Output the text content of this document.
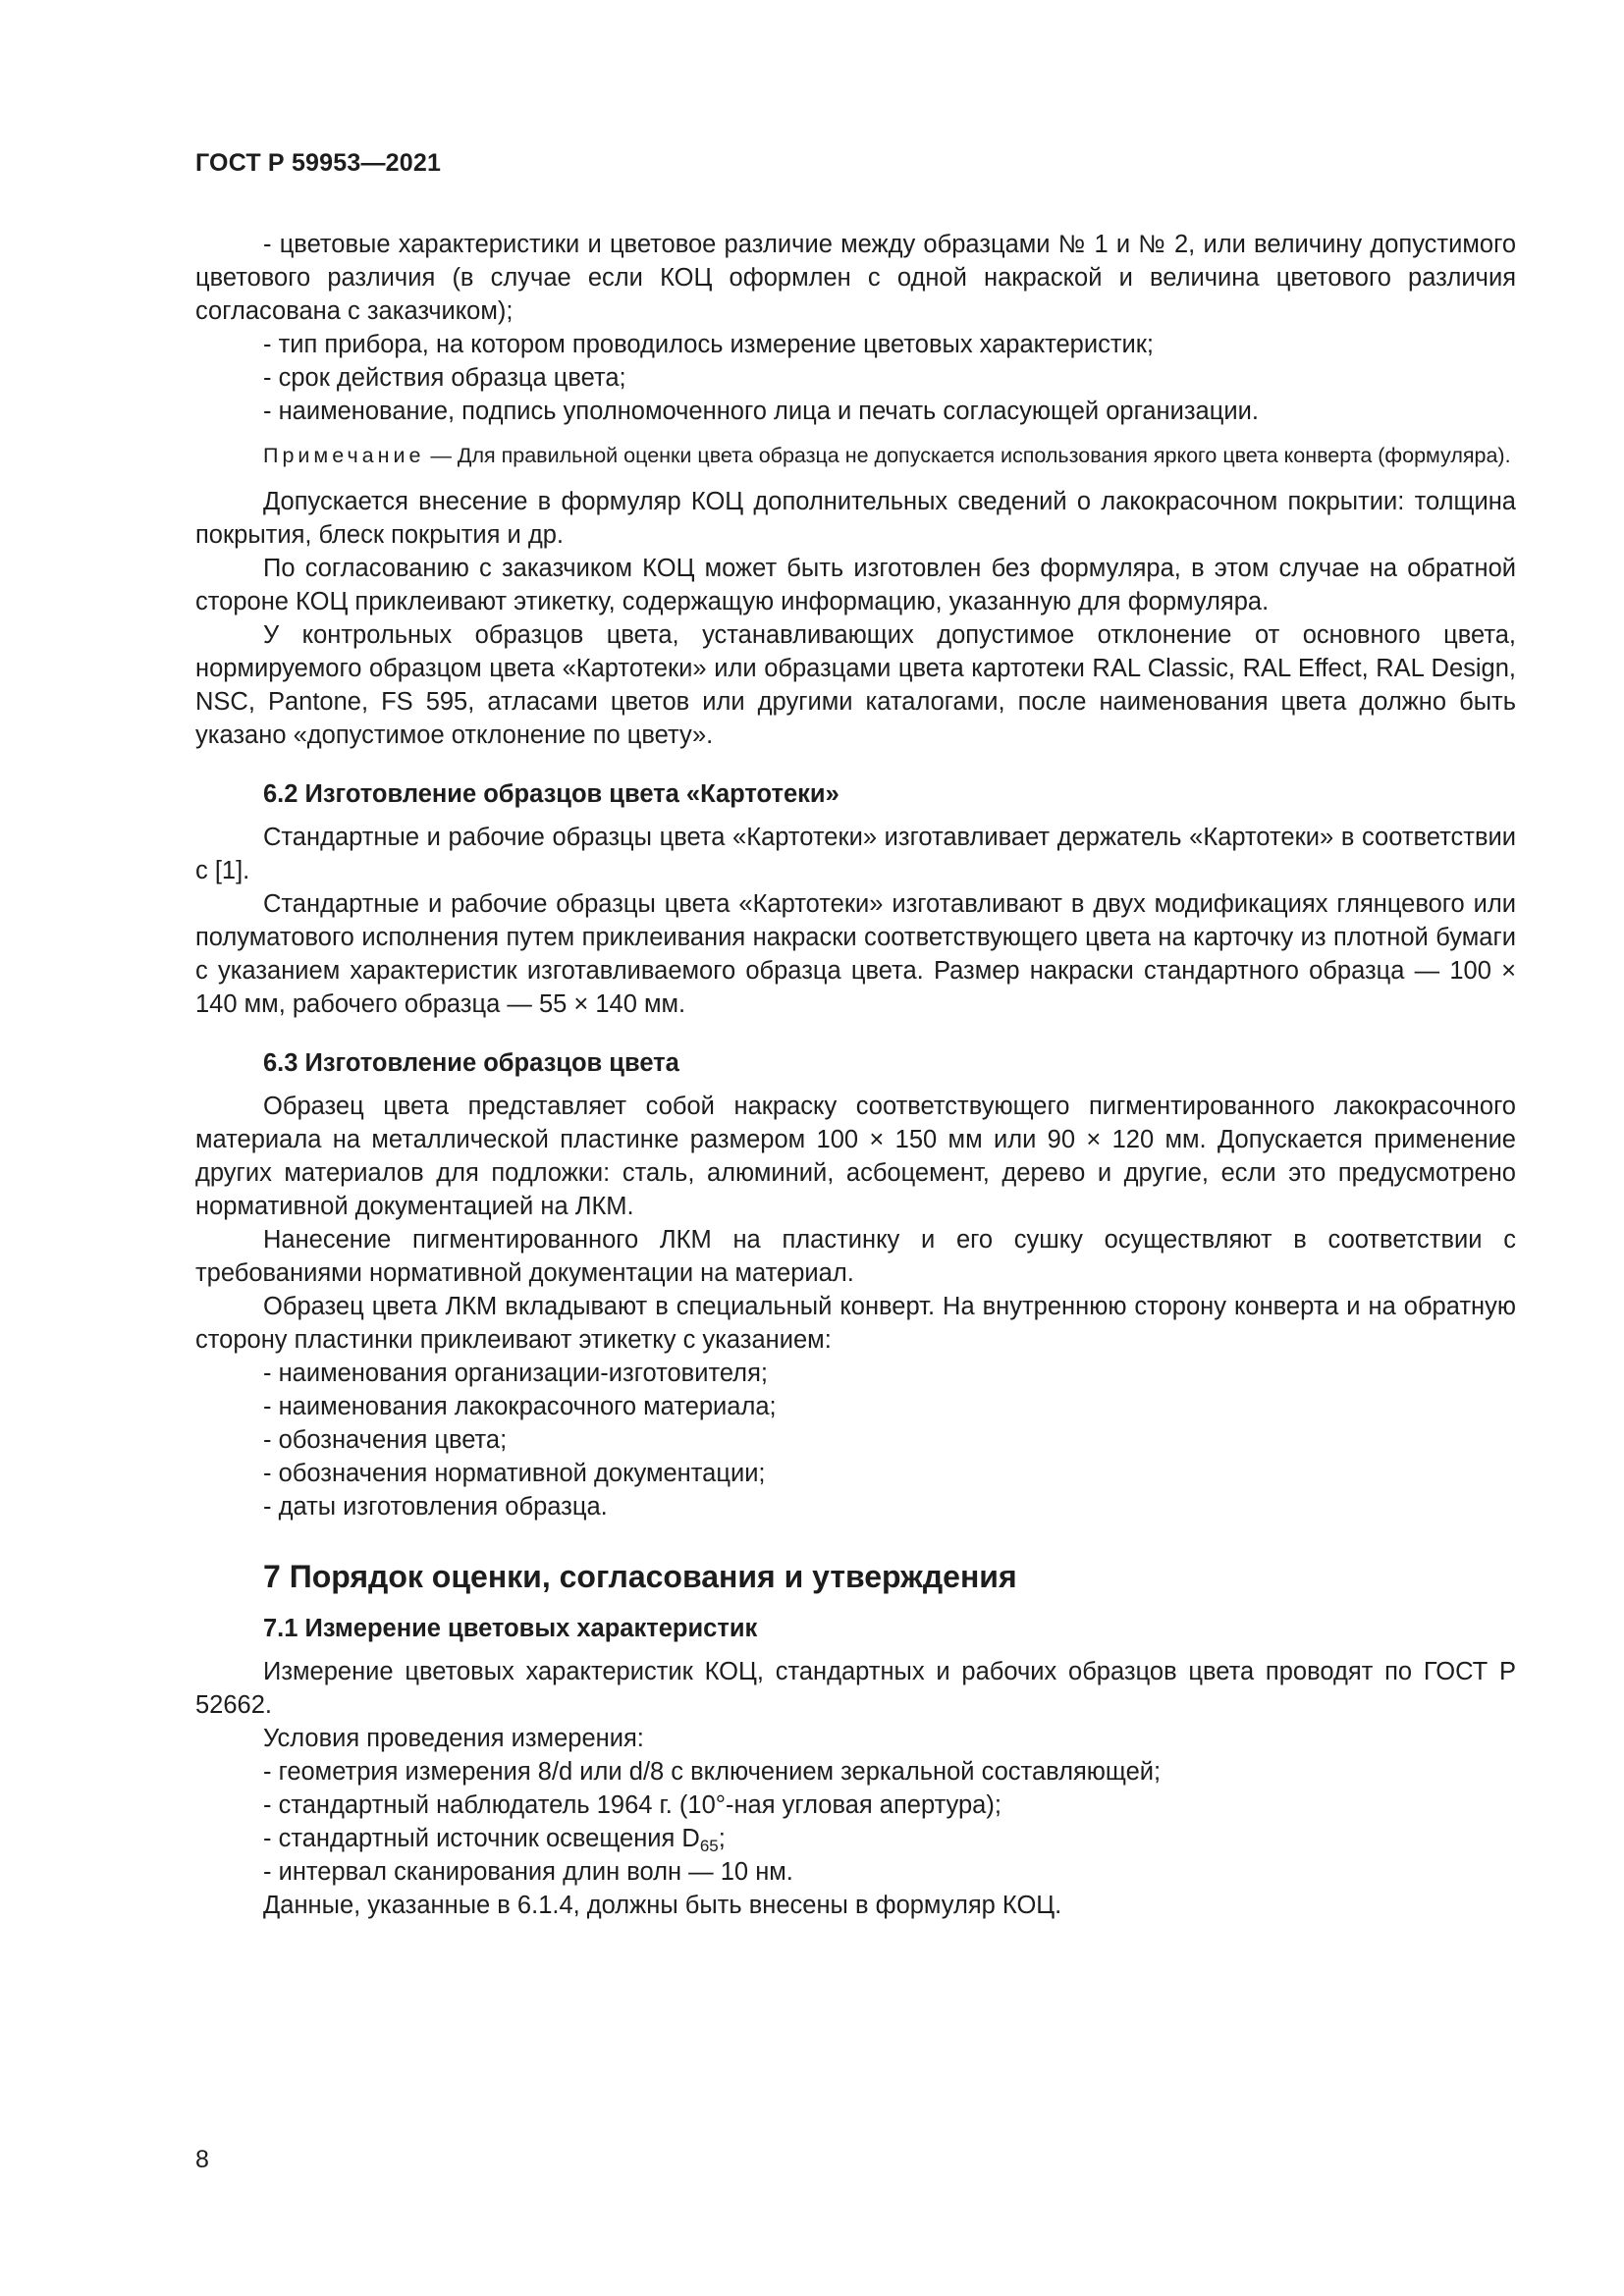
ГОСТ Р 59953—2021

- цветовые характеристики и цветовое различие между образцами № 1 и № 2, или величину допустимого цветового различия (в случае если КОЦ оформлен с одной накраской и величина цветового различия согласована с заказчиком);

- тип прибора, на котором проводилось измерение цветовых характеристик;

- срок действия образца цвета;

- наименование, подпись уполномоченного лица и печать согласующей организации.

Примечание — Для правильной оценки цвета образца не допускается использования яркого цвета конверта (формуляра).

Допускается внесение в формуляр КОЦ дополнительных сведений о лакокрасочном покрытии: толщина покрытия, блеск покрытия и др.

По согласованию с заказчиком КОЦ может быть изготовлен без формуляра, в этом случае на обратной стороне КОЦ приклеивают этикетку, содержащую информацию, указанную для формуляра.

У контрольных образцов цвета, устанавливающих допустимое отклонение от основного цвета, нормируемого образцом цвета «Картотеки» или образцами цвета картотеки RAL Classic, RAL Effect, RAL Design, NSC, Pantone, FS 595, атласами цветов или другими каталогами, после наименования цвета должно быть указано «допустимое отклонение по цвету».

6.2 Изготовление образцов цвета «Картотеки»

Стандартные и рабочие образцы цвета «Картотеки» изготавливает держатель «Картотеки» в соответствии с [1].

Стандартные и рабочие образцы цвета «Картотеки» изготавливают в двух модификациях глянцевого или полуматового исполнения путем приклеивания накраски соответствующего цвета на карточку из плотной бумаги с указанием характеристик изготавливаемого образца цвета. Размер накраски стандартного образца — 100 × 140 мм, рабочего образца — 55 × 140 мм.

6.3 Изготовление образцов цвета

Образец цвета представляет собой накраску соответствующего пигментированного лакокрасочного материала на металлической пластинке размером 100 × 150 мм или 90 × 120 мм. Допускается применение других материалов для подложки: сталь, алюминий, асбоцемент, дерево и другие, если это предусмотрено нормативной документацией на ЛКМ.

Нанесение пигментированного ЛКМ на пластинку и его сушку осуществляют в соответствии с требованиями нормативной документации на материал.

Образец цвета ЛКМ вкладывают в специальный конверт. На внутреннюю сторону конверта и на обратную сторону пластинки приклеивают этикетку с указанием:

- наименования организации-изготовителя;

- наименования лакокрасочного материала;

- обозначения цвета;

- обозначения нормативной документации;

- даты изготовления образца.

7 Порядок оценки, согласования и утверждения

7.1 Измерение цветовых характеристик

Измерение цветовых характеристик КОЦ, стандартных и рабочих образцов цвета проводят по ГОСТ Р 52662.

Условия проведения измерения:

- геометрия измерения 8/d или d/8 с включением зеркальной составляющей;

- стандартный наблюдатель 1964 г. (10°-ная угловая апертура);

- стандартный источник освещения $D_{65}$;

- интервал сканирования длин волн — 10 нм.

Данные, указанные в 6.1.4, должны быть внесены в формуляр КОЦ.

8
